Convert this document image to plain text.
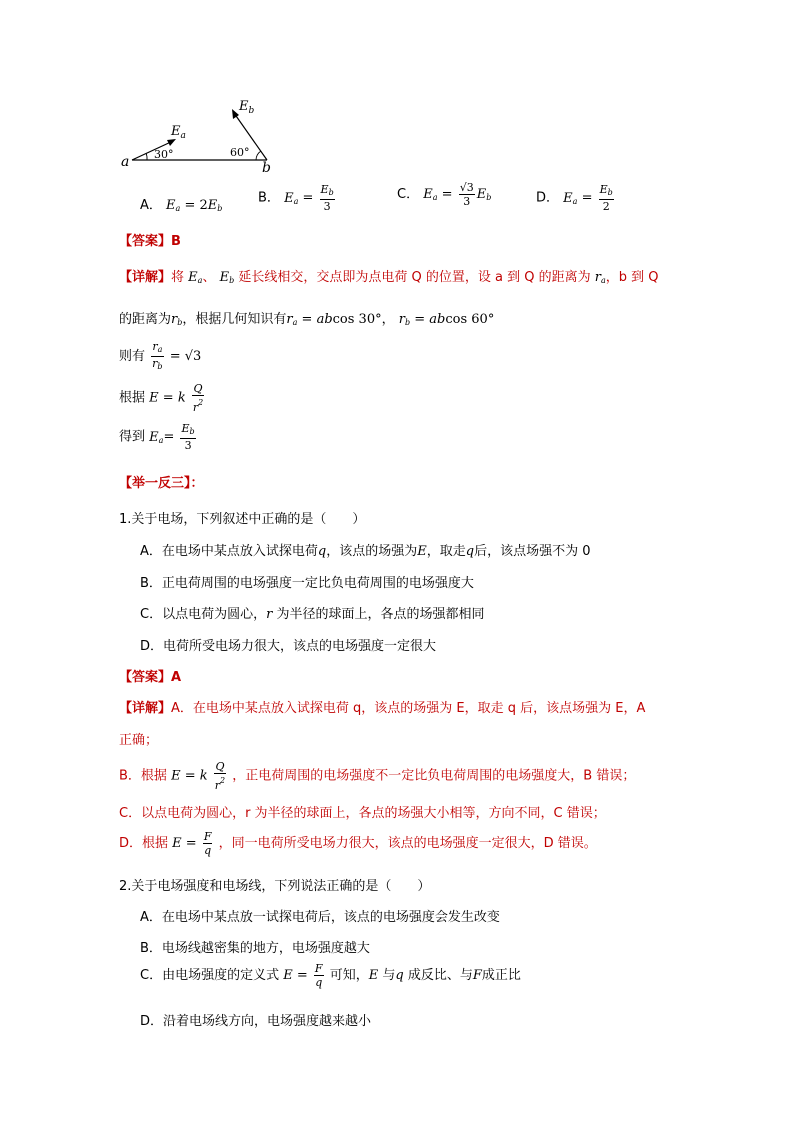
a	b
$E_a$
$E_b$
30°	60°
A． $E_a = 2E_b$
B． $E_a = \frac{E_b}{3}$	C． $E_a = \frac{√3}{3} E_b$	D． $E_a = \frac{E_b}{2}$
【答案】B
【详解】将 $E_a$、 $E_b$ 延长线相交，交点即为点电荷 Q 的位置，设 a 到 Q 的距离为 $r_a$，b 到 Q
的距离为$r_b$，根据几何知识有$r_a = abcos$ 30°， $r_b = abcos$ 60°
则有 $\frac{r_a}{r_b} = √3$
根据 E = k $\frac{Q}{r^2}$
得到 $E_a= \frac{E_b}{3}$
【举一反三】：
1.关于电场，下列叙述中正确的是（　　）
A．在电场中某点放入试探电荷q，该点的场强为E，取走q后，该点场强不为 0
B．正电荷周围的电场强度一定比负电荷周围的电场强度大
C．以点电荷为圆心，r 为半径的球面上，各点的场强都相同
D．电荷所受电场力很大，该点的电场强度一定很大
【答案】A
【详解】A．在电场中某点放入试探电荷 q，该点的场强为 E，取走 q 后，该点场强为 E，A
正确；
B．根据 E = k $\frac{Q}{r^2}$ ，正电荷周围的电场强度不一定比负电荷周围的电场强度大，B 错误；
C．以点电荷为圆心，r 为半径的球面上，各点的场强大小相等，方向不同，C 错误；
D．根据 $E = \frac{F}{q}$ ，同一电荷所受电场力很大，该点的电场强度一定很大，D 错误。
2.关于电场强度和电场线，下列说法正确的是（　　）
A．在电场中某点放一试探电荷后，该点的电场强度会发生改变
B．电场线越密集的地方，电场强度越大
C．由电场强度的定义式 $E = \frac{F}{q}$ 可知，E 与q 成反比、与F成正比
D．沿着电场线方向，电场强度越来越小
